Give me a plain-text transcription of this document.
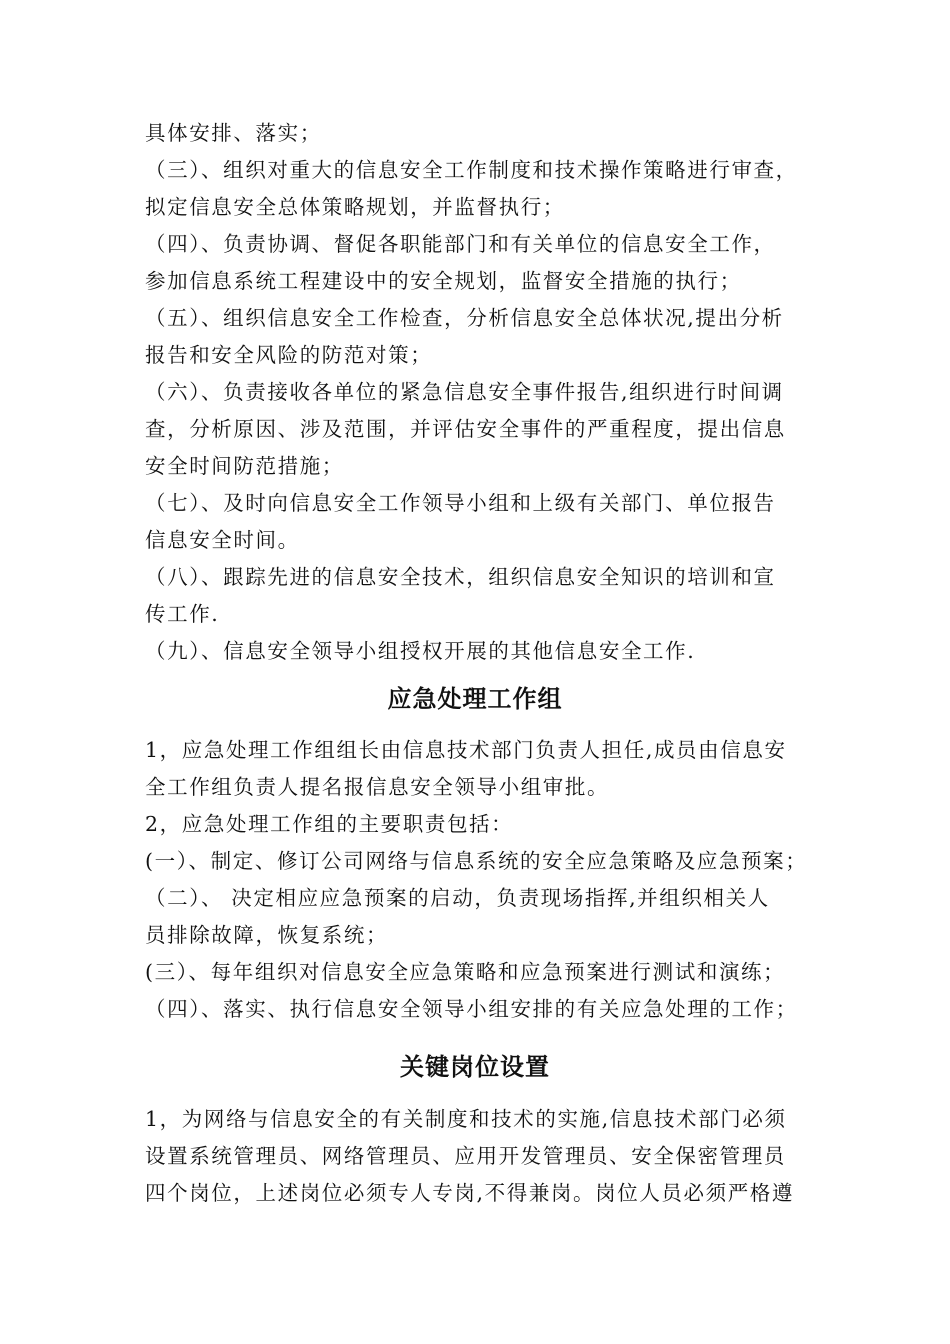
具体安排、落实；
（三）、组织对重大的信息安全工作制度和技术操作策略进行审查，
拟定信息安全总体策略规划，并监督执行；
（四）、负责协调、督促各职能部门和有关单位的信息安全工作，
参加信息系统工程建设中的安全规划，监督安全措施的执行；
（五）、组织信息安全工作检查，分析信息安全总体状况,提出分析
报告和安全风险的防范对策；
（六）、负责接收各单位的紧急信息安全事件报告,组织进行时间调
查，分析原因、涉及范围，并评估安全事件的严重程度，提出信息
安全时间防范措施；
（七）、及时向信息安全工作领导小组和上级有关部门、单位报告
信息安全时间。
（八）、跟踪先进的信息安全技术，组织信息安全知识的培训和宣
传工作.
（九）、信息安全领导小组授权开展的其他信息安全工作.
应急处理工作组
1，应急处理工作组组长由信息技术部门负责人担任,成员由信息安
全工作组负责人提名报信息安全领导小组审批。
2，应急处理工作组的主要职责包括：
(一）、制定、修订公司网络与信息系统的安全应急策略及应急预案；
（二）、 决定相应应急预案的启动，负责现场指挥,并组织相关人
员排除故障，恢复系统；
(三）、每年组织对信息安全应急策略和应急预案进行测试和演练；
（四）、落实、执行信息安全领导小组安排的有关应急处理的工作；
关键岗位设置
1，为网络与信息安全的有关制度和技术的实施,信息技术部门必须
设置系统管理员、网络管理员、应用开发管理员、安全保密管理员
四个岗位，上述岗位必须专人专岗,不得兼岗。岗位人员必须严格遵
